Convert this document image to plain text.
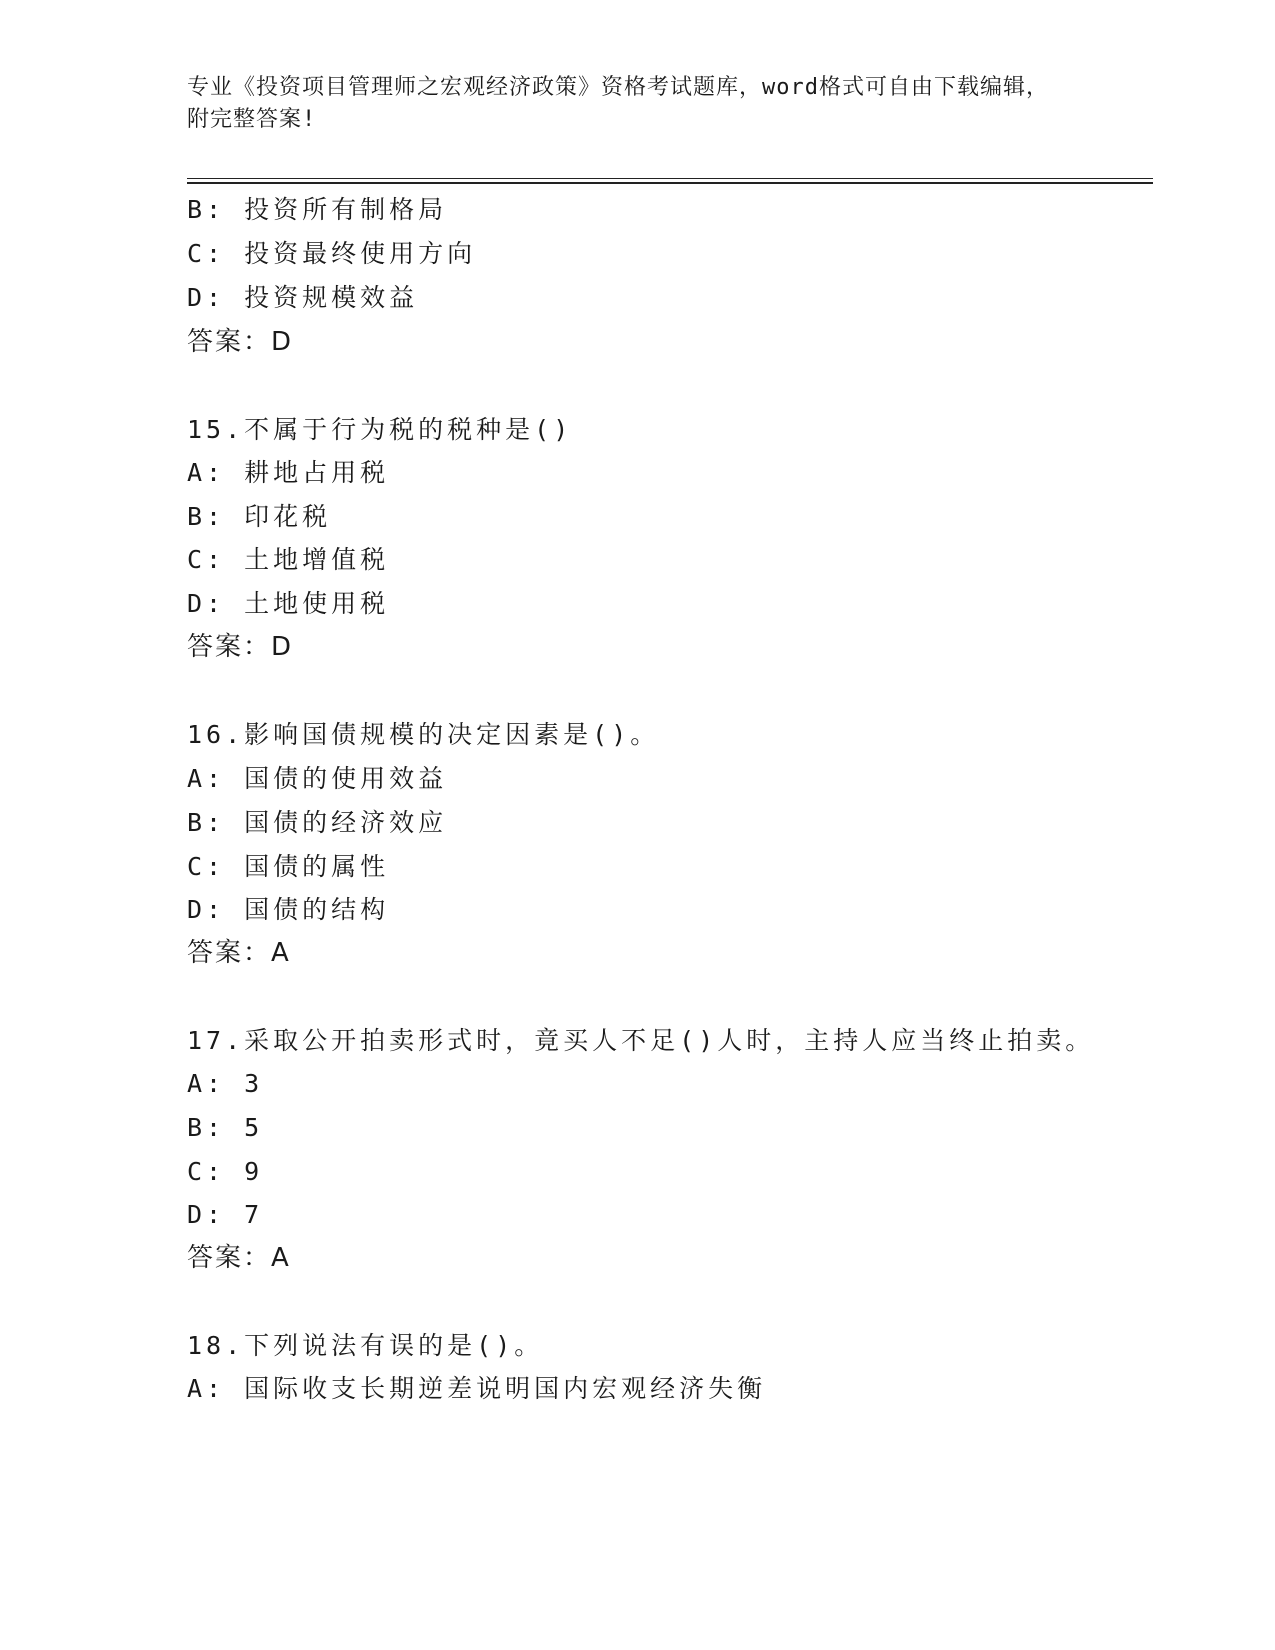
专业《投资项目管理师之宏观经济政策》资格考试题库，word格式可自由下载编辑，附完整答案!
B: 投资所有制格局
C: 投资最终使用方向
D: 投资规模效益
答案：D
15.不属于行为税的税种是()
A: 耕地占用税
B: 印花税
C: 土地增值税
D: 土地使用税
答案：D
16.影响国债规模的决定因素是()。
A: 国债的使用效益
B: 国债的经济效应
C: 国债的属性
D: 国债的结构
答案：A
17.采取公开拍卖形式时，竟买人不足()人时，主持人应当终止拍卖。
A: 3
B: 5
C: 9
D: 7
答案：A
18.下列说法有误的是()。
A: 国际收支长期逆差说明国内宏观经济失衡
